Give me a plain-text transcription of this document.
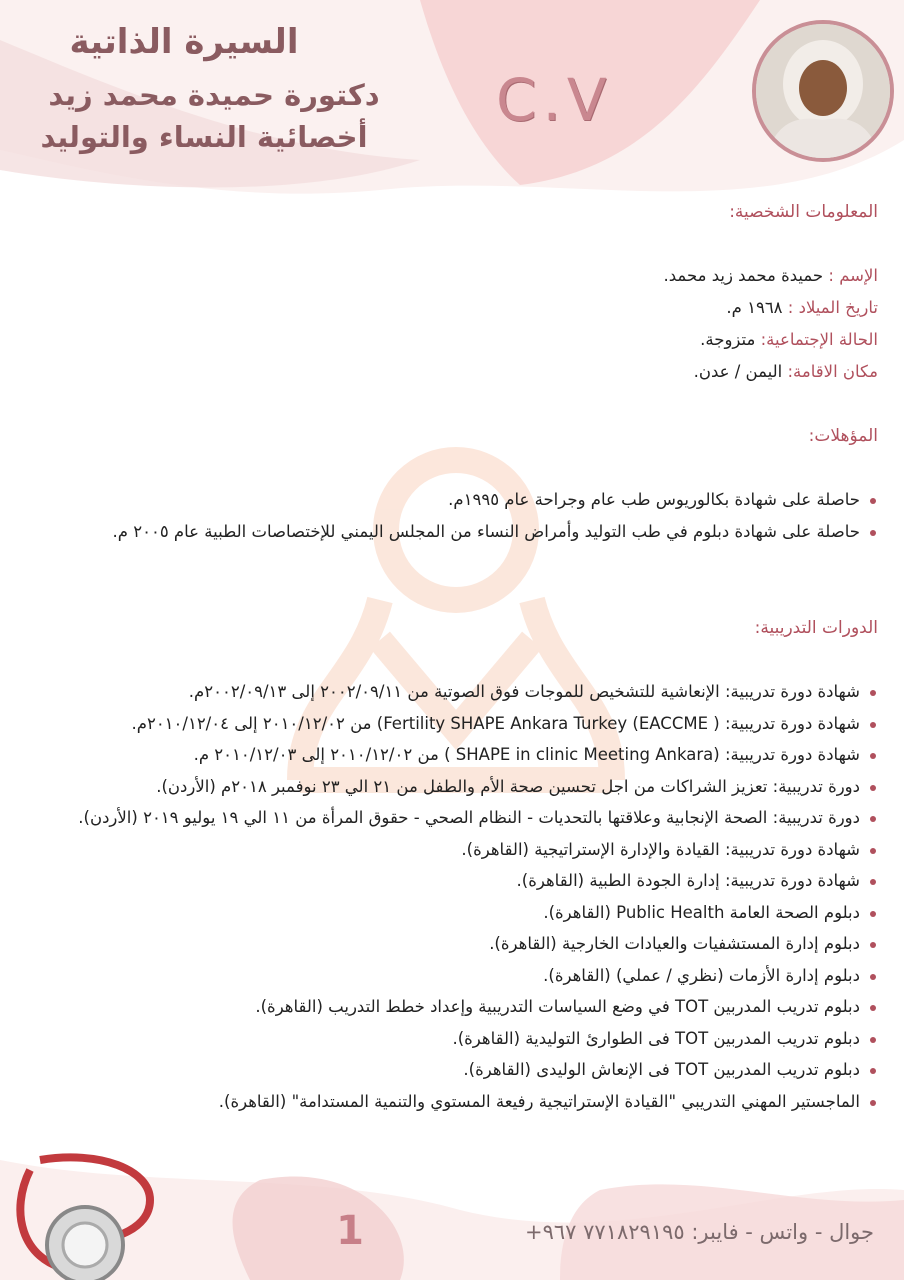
السيرة الذاتية
دكتورة حميدة محمد زيد
أخصائية النساء والتوليد
C.V
المعلومات الشخصية:
الإسم : حميدة محمد زيد محمد.
تاريخ الميلاد : ١٩٦٨ م.
الحالة الإجتماعية: متزوجة.
مكان الاقامة: اليمن / عدن.
المؤهلات:
حاصلة على شهادة بكالوريوس طب عام وجراحة عام ١٩٩٥م.
حاصلة على شهادة دبلوم في طب التوليد وأمراض النساء من المجلس اليمني للإختصاصات الطبية عام ٢٠٠٥ م.
الدورات التدريبية:
شهادة دورة تدريبية: الإنعاشية للتشخيص للموجات فوق الصوتية من ٢٠٠٢/٠٩/١١ إلى ٢٠٠٢/٠٩/١٣م.
شهادة دورة تدريبية: ( EACCME) Fertility SHAPE Ankara Turkey) من ٢٠١٠/١٢/٠٢ إلى ٢٠١٠/١٢/٠٤م.
شهادة دورة تدريبية: (SHAPE in clinic Meeting Ankara ) من ٢٠١٠/١٢/٠٢ إلى ٢٠١٠/١٢/٠٣ م.
دورة تدريبية: تعزيز الشراكات من اجل تحسين صحة الأم والطفل من ٢١ الي ٢٣ نوفمبر ٢٠١٨م (الأردن).
دورة تدريبية: الصحة الإنجابية وعلاقتها بالتحديات - النظام الصحي - حقوق المرأة من ١١ الي ١٩ يوليو ٢٠١٩ (الأردن).
شهادة دورة تدريبية: القيادة والإدارة الإستراتيجية (القاهرة).
شهادة دورة تدريبية: إدارة الجودة الطبية (القاهرة).
دبلوم الصحة العامة Public Health (القاهرة).
دبلوم إدارة المستشفيات والعيادات الخارجية (القاهرة).
دبلوم إدارة الأزمات (نظري / عملي) (القاهرة).
دبلوم تدريب المدربين TOT في وضع السياسات التدريبية وإعداد خطط التدريب (القاهرة).
دبلوم تدريب المدربين TOT فى الطوارئ التوليدية (القاهرة).
دبلوم تدريب المدربين TOT فى الإنعاش الوليدى (القاهرة).
الماجستير المهني التدريبي "القيادة الإستراتيجية رفيعة المستوي والتنمية المستدامة" (القاهرة).
1	جوال - واتس - فايبر: ٧٧١٨٢٩١٩٥ ٩٦٧+
